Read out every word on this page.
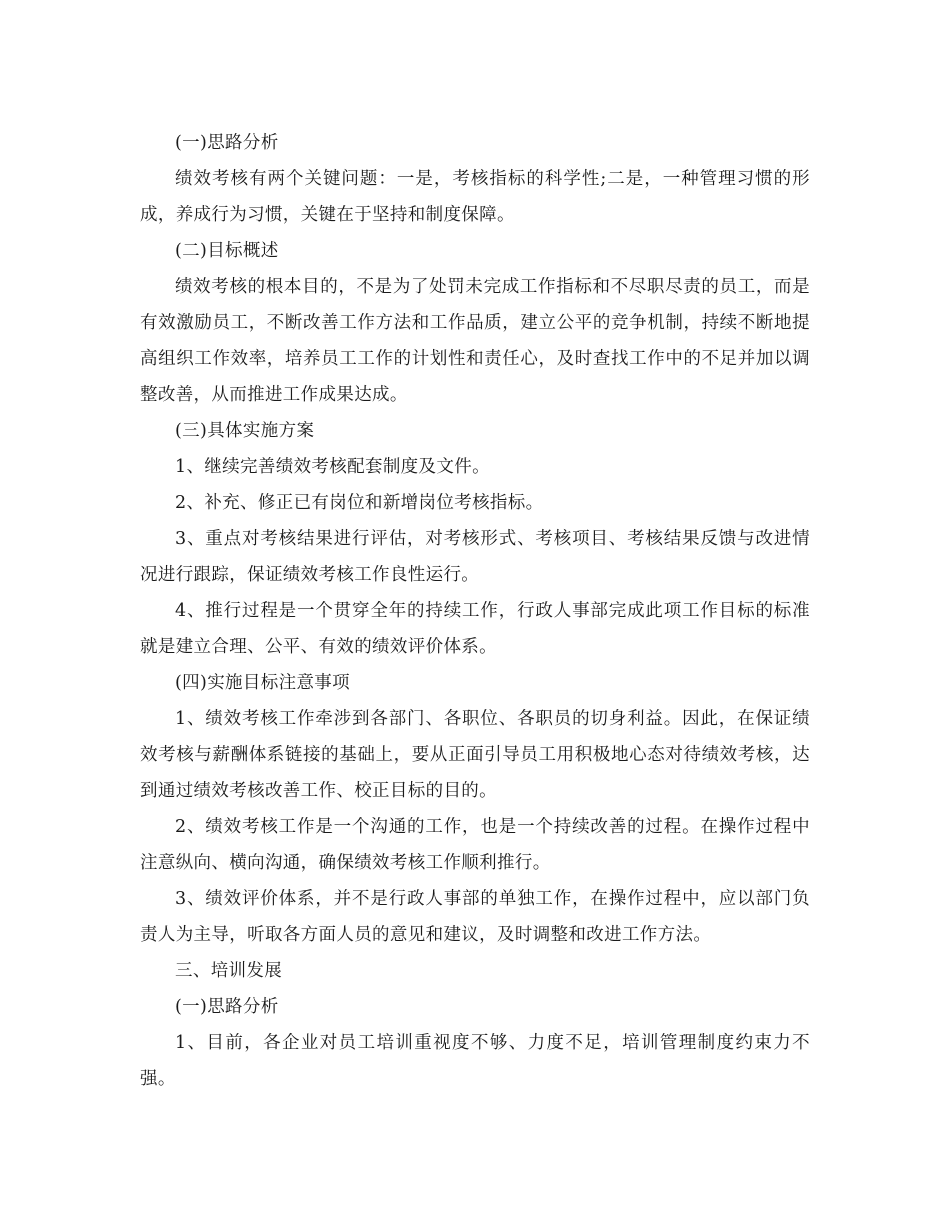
(一)思路分析

绩效考核有两个关键问题：一是，考核指标的科学性;二是，一种管理习惯的形成，养成行为习惯，关键在于坚持和制度保障。

(二)目标概述

绩效考核的根本目的，不是为了处罚未完成工作指标和不尽职尽责的员工，而是有效激励员工，不断改善工作方法和工作品质，建立公平的竞争机制，持续不断地提高组织工作效率，培养员工工作的计划性和责任心，及时查找工作中的不足并加以调整改善，从而推进工作成果达成。

(三)具体实施方案

1、继续完善绩效考核配套制度及文件。

2、补充、修正已有岗位和新增岗位考核指标。

3、重点对考核结果进行评估，对考核形式、考核项目、考核结果反馈与改进情况进行跟踪，保证绩效考核工作良性运行。

4、推行过程是一个贯穿全年的持续工作，行政人事部完成此项工作目标的标准就是建立合理、公平、有效的绩效评价体系。

(四)实施目标注意事项

1、绩效考核工作牵涉到各部门、各职位、各职员的切身利益。因此，在保证绩效考核与薪酬体系链接的基础上，要从正面引导员工用积极地心态对待绩效考核，达到通过绩效考核改善工作、校正目标的目的。

2、绩效考核工作是一个沟通的工作，也是一个持续改善的过程。在操作过程中注意纵向、横向沟通，确保绩效考核工作顺利推行。

3、绩效评价体系，并不是行政人事部的单独工作，在操作过程中，应以部门负责人为主导，听取各方面人员的意见和建议，及时调整和改进工作方法。

三、培训发展

(一)思路分析

1、目前，各企业对员工培训重视度不够、力度不足，培训管理制度约束力不强。
